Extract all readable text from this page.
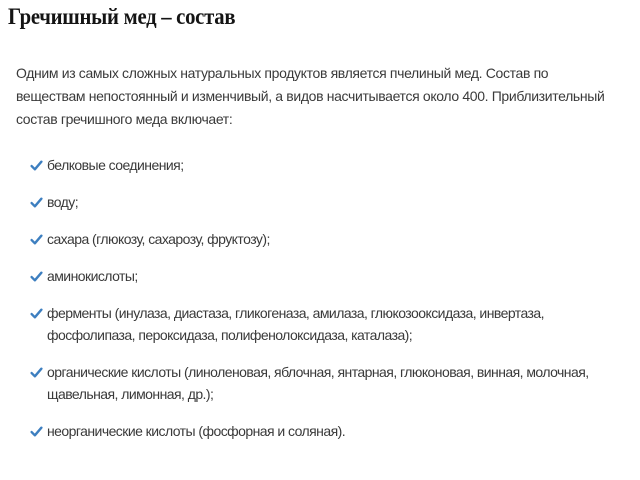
Гречишный мед – состав

Одним из самых сложных натуральных продуктов является пчелиный мед. Состав по веществам непостоянный и изменчивый, а видов насчитывается около 400. Приблизительный состав гречишного меда включает:

белковые соединения;
воду;
сахара (глюкозу, сахарозу, фруктозу);
аминокислоты;
ферменты (инулаза, диастаза, гликогеназа, амилаза, глюкозооксидаза, инвертаза, фосфолипаза, пероксидаза, полифенолоксидаза, каталаза);
органические кислоты (линоленовая, яблочная, янтарная, глюконовая, винная, молочная, щавельная, лимонная, др.);
неорганические кислоты (фосфорная и соляная).
